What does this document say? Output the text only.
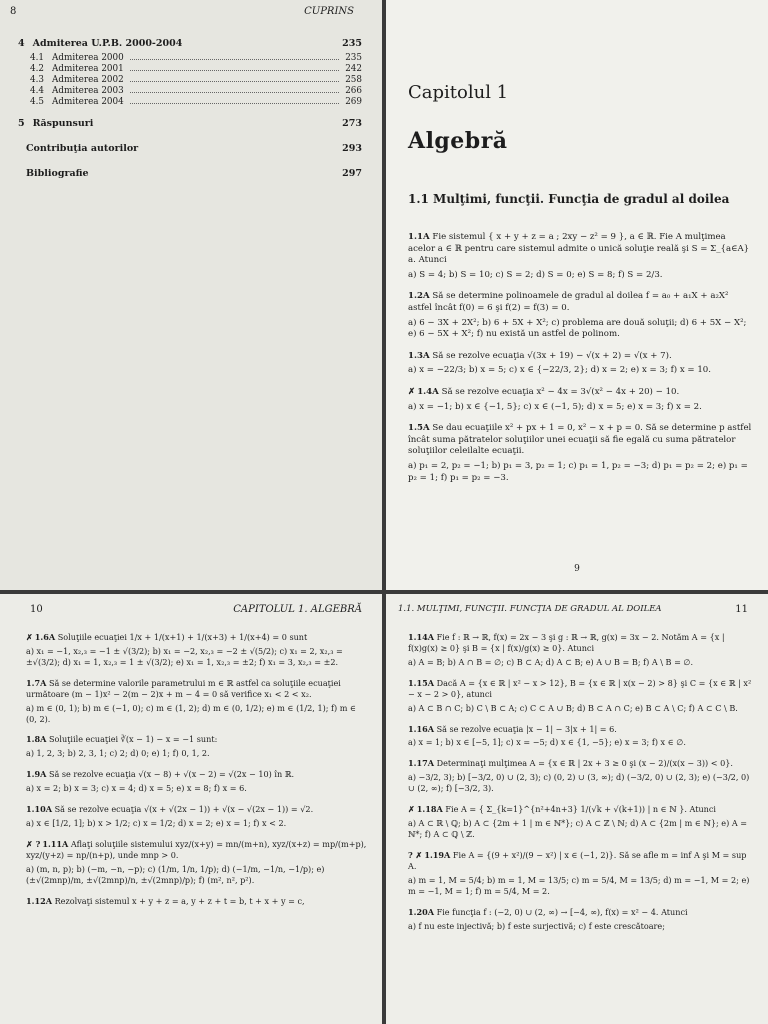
8	CUPRINS
4 Admiterea U.P.B. 2000-2004	235
4.1 Admiterea 2000	235
4.2 Admiterea 2001	242
4.3 Admiterea 2002	258
4.4 Admiterea 2003	266
4.5 Admiterea 2004	269
5 Răspunsuri	273
Contribuţia autorilor	293
Bibliografie	297
Capitolul 1
Algebră
1.1 Mulţimi, funcţii. Funcţia de gradul al doilea

1.1A Fie sistemul { x + y + z = a ; 2xy − z² = 9 }, a ∈ ℝ. Fie A mulţimea acelor a ∈ ℝ pentru care sistemul admite o unică soluţie reală şi S = Σ_{a∈A} a. Atunci

a) S = 4; b) S = 10; c) S = 2; d) S = 0; e) S = 8; f) S = 2/3.

1.2A Să se determine polinoamele de gradul al doilea f = a₀ + a₁X + a₂X² astfel încât f(0) = 6 şi f(2) = f(3) = 0.

a) 6 − 3X + 2X²; b) 6 + 5X + X²; c) problema are două soluţii; d) 6 + 5X − X²; e) 6 − 5X + X²; f) nu există un astfel de polinom.

1.3A Să se rezolve ecuaţia √(3x + 19) − √(x + 2) = √(x + 7).

a) x = −22/3; b) x = 5; c) x ∈ {−22/3, 2}; d) x = 2; e) x = 3; f) x = 10.

✗ 1.4A Să se rezolve ecuaţia x² − 4x = 3√(x² − 4x + 20) − 10.

a) x = −1; b) x ∈ {−1, 5}; c) x ∈ (−1, 5); d) x = 5; e) x = 3; f) x = 2.

1.5A Se dau ecuaţiile x² + px + 1 = 0, x² − x + p = 0. Să se determine p astfel încât suma pătratelor soluţiilor unei ecuaţii să fie egală cu suma pătratelor soluţiilor celeilalte ecuaţii.

a) p₁ = 2, p₂ = −1; b) p₁ = 3, p₂ = 1; c) p₁ = 1, p₂ = −3; d) p₁ = p₂ = 2; e) p₁ = p₂ = 1; f) p₁ = p₂ = −3.

9
10	CAPITOLUL 1. ALGEBRĂ

✗ 1.6A Soluţiile ecuaţiei 1/x + 1/(x+1) + 1/(x+3) + 1/(x+4) = 0 sunt

a) x₁ = −1, x₂,₃ = −1 ± √(3/2); b) x₁ = −2, x₂,₃ = −2 ± √(5/2); c) x₁ = 2, x₂,₃ = ±√(3/2); d) x₁ = 1, x₂,₃ = 1 ± √(3/2); e) x₁ = 1, x₂,₃ = ±2; f) x₁ = 3, x₂,₃ = ±2.

1.7A Să se determine valorile parametrului m ∈ ℝ astfel ca soluţiile ecuaţiei următoare (m − 1)x² − 2(m − 2)x + m − 4 = 0 să verifice x₁ < 2 < x₂.

a) m ∈ (0, 1); b) m ∈ (−1, 0); c) m ∈ (1, 2); d) m ∈ (0, 1/2); e) m ∈ (1/2, 1); f) m ∈ (0, 2).

1.8A Soluţiile ecuaţiei ∛(x − 1) − x = −1 sunt:

a) 1, 2, 3; b) 2, 3, 1; c) 2; d) 0; e) 1; f) 0, 1, 2.

1.9A Să se rezolve ecuaţia √(x − 8) + √(x − 2) = √(2x − 10) în ℝ.

a) x = 2; b) x = 3; c) x = 4; d) x = 5; e) x = 8; f) x = 6.

1.10A Să se rezolve ecuaţia √(x + √(2x − 1)) + √(x − √(2x − 1)) = √2.

a) x ∈ [1/2, 1]; b) x > 1/2; c) x = 1/2; d) x = 2; e) x = 1; f) x < 2.

✗ ? 1.11A Aflaţi soluţiile sistemului xyz/(x+y) = mn/(m+n), xyz/(x+z) = mp/(m+p), xyz/(y+z) = np/(n+p), unde mnp > 0.

a) (m, n, p); b) (−m, −n, −p); c) (1/m, 1/n, 1/p); d) (−1/m, −1/n, −1/p); e) (±√(2mnp)/m, ±√(2mnp)/n, ±√(2mnp)/p); f) (m², n², p²).

1.12A Rezolvaţi sistemul x + y + z = a, y + z + t = b, t + x + y = c,

1.1. MULŢIMI, FUNCŢII. FUNCŢIA DE GRADUL AL DOILEA	11

1.14A Fie f : ℝ → ℝ, f(x) = 2x − 3 şi g : ℝ → ℝ, g(x) = 3x − 2. Notăm A = {x | f(x)g(x) ≥ 0} şi B = {x | f(x)/g(x) ≥ 0}. Atunci

a) A = B; b) A ∩ B = ∅; c) B ⊂ A; d) A ⊂ B; e) A ∪ B = B; f) A \ B = ∅.

1.15A Dacă A = {x ∈ ℝ | x² − x > 12}, B = {x ∈ ℝ | x(x − 2) > 8} şi C = {x ∈ ℝ | x² − x − 2 > 0}, atunci

a) A ⊂ B ∩ C; b) C \ B ⊂ A; c) C ⊂ A ∪ B; d) B ⊂ A ∩ C; e) B ⊂ A \ C; f) A ⊂ C \ B.

1.16A Să se rezolve ecuaţia |x − 1| − 3|x + 1| = 6.

a) x = 1; b) x ∈ [−5, 1]; c) x = −5; d) x ∈ {1, −5}; e) x = 3; f) x ∈ ∅.

1.17A Determinaţi mulţimea A = {x ∈ ℝ | 2x + 3 ≥ 0 şi (x − 2)/(x(x − 3)) < 0}.

a) −3/2, 3); b) [−3/2, 0) ∪ (2, 3); c) (0, 2) ∪ (3, ∞); d) (−3/2, 0) ∪ (2, 3); e) (−3/2, 0) ∪ (2, ∞); f) [−3/2, 3).

✗ 1.18A Fie A = { Σ_{k=1}^{n²+4n+3} 1/(√k + √(k+1)) | n ∈ ℕ }. Atunci

a) A ⊂ ℝ \ ℚ; b) A ⊂ {2m + 1 | m ∈ ℕ*}; c) A ⊂ ℤ \ ℕ; d) A ⊂ {2m | m ∈ ℕ}; e) A = ℕ*; f) A ⊂ ℚ \ ℤ.

? ✗ 1.19A Fie A = {(9 + x²)/(9 − x²) | x ∈ (−1, 2)}. Să se afle m = inf A şi M = sup A.

a) m = 1, M = 5/4; b) m = 1, M = 13/5; c) m = 5/4, M = 13/5; d) m = −1, M = 2; e) m = −1, M = 1; f) m = 5/4, M = 2.

1.20A Fie funcţia f : (−2, 0) ∪ (2, ∞) → [−4, ∞), f(x) = x² − 4. Atunci

a) f nu este injectivă; b) f este surjectivă; c) f este crescătoare;
